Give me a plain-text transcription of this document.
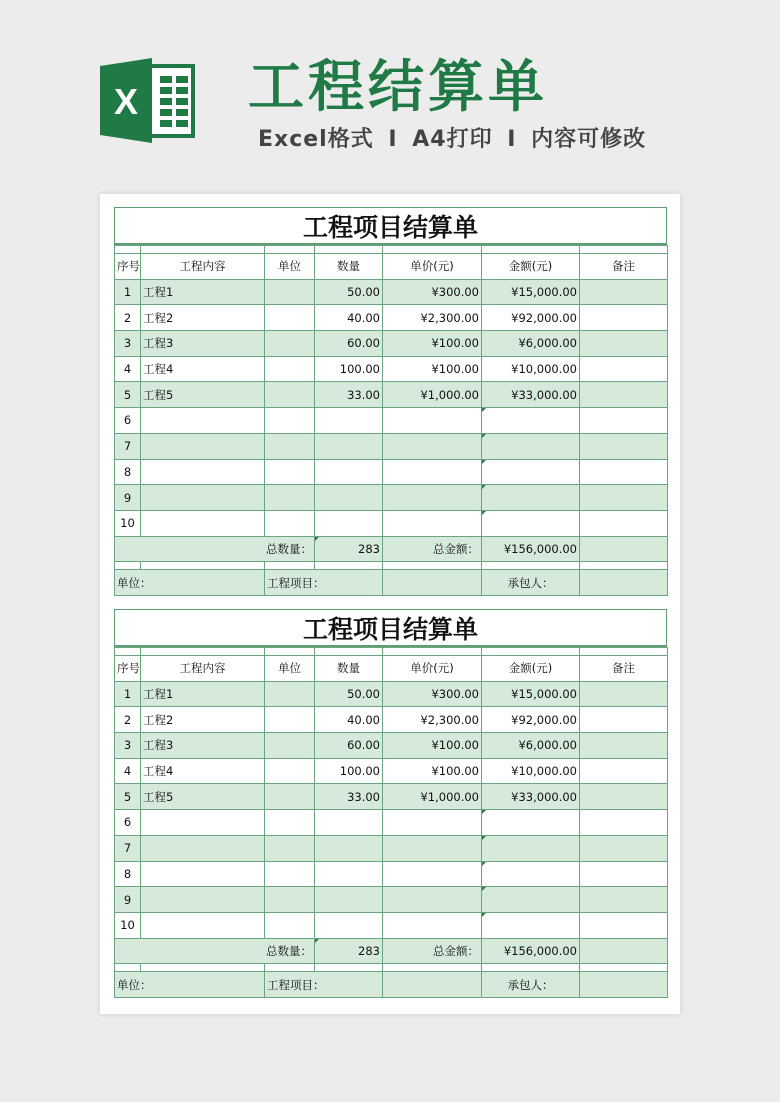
X 工程结算单
Excel格式 I A4打印 I 内容可修改
工程项目结算单

序号	工程内容	单位	数量	单价(元)	金额(元)	备注
1	工程1		50.00	¥300.00	¥15,000.00	
2	工程2		40.00	¥2,300.00	¥92,000.00	
3	工程3		60.00	¥100.00	¥6,000.00	
4	工程4		100.00	¥100.00	¥10,000.00	
5	工程5		33.00	¥1,000.00	¥33,000.00	
6						
7						
8						
9						
10						
总数量：			283	总金额：	¥156,000.00	

单位：		工程项目：			承包人：	
工程项目结算单

序号	工程内容	单位	数量	单价(元)	金额(元)	备注
1	工程1		50.00	¥300.00	¥15,000.00	
2	工程2		40.00	¥2,300.00	¥92,000.00	
3	工程3		60.00	¥100.00	¥6,000.00	
4	工程4		100.00	¥100.00	¥10,000.00	
5	工程5		33.00	¥1,000.00	¥33,000.00	
6						
7						
8						
9						
10						
总数量：			283	总金额：	¥156,000.00	

单位：		工程项目：			承包人：	
